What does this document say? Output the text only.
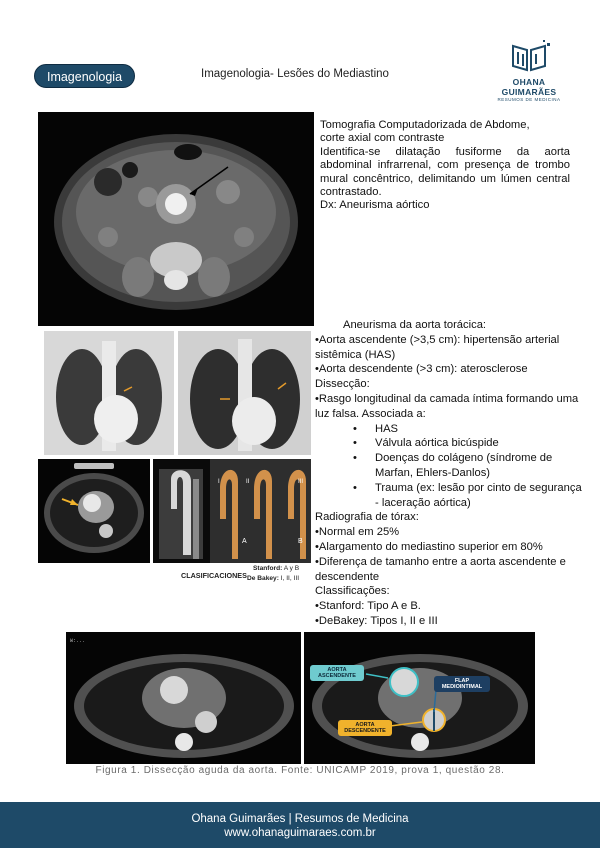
Imagenologia	Imagenologia- Lesões do Mediastino
OHANA GUIMARÃES
RESUMOS DE MEDICINA
Tomografia Computadorizada de Abdome,
corte axial com contraste
Identifica-se dilatação fusiforme da aorta abdominal infrarrenal, com presença de trombo mural concêntrico, delimitando um lúmen central contrastado.
Dx: Aneurisma aórtico
Aneurisma da aorta torácica:
•Aorta ascendente (>3,5 cm): hipertensão arterial sistêmica (HAS)
•Aorta descendente (>3 cm): aterosclerose
Dissecção:
•Rasgo longitudinal da camada íntima formando uma luz falsa. Associada a:
• HAS
• Válvula aórtica bicúspide
• Doenças do colágeno (síndrome de Marfan, Ehlers-Danlos)
• Trauma (ex: lesão por cinto de segurança - laceração aórtica)
Radiografia de tórax:
•Normal em 25%
•Alargamento do mediastino superior em 80%
•Diferença de tamanho entre a aorta ascendente e descendente
Classificações:
•Stanford: Tipo A e B.
•DeBakey: Tipos I, II e III
I	II	III
A	B
CLASIFICACIONES
Stanford: A y B
De Bakey: I, II, III
W:...
AORTA ASCENDENTE
FLAP MEDIOINTIMAL
AORTA DESCENDENTE
Figura 1. Dissecção aguda da aorta. Fonte: UNICAMP 2019, prova 1, questão 28.
Ohana Guimarães | Resumos de Medicina
www.ohanaguimaraes.com.br
